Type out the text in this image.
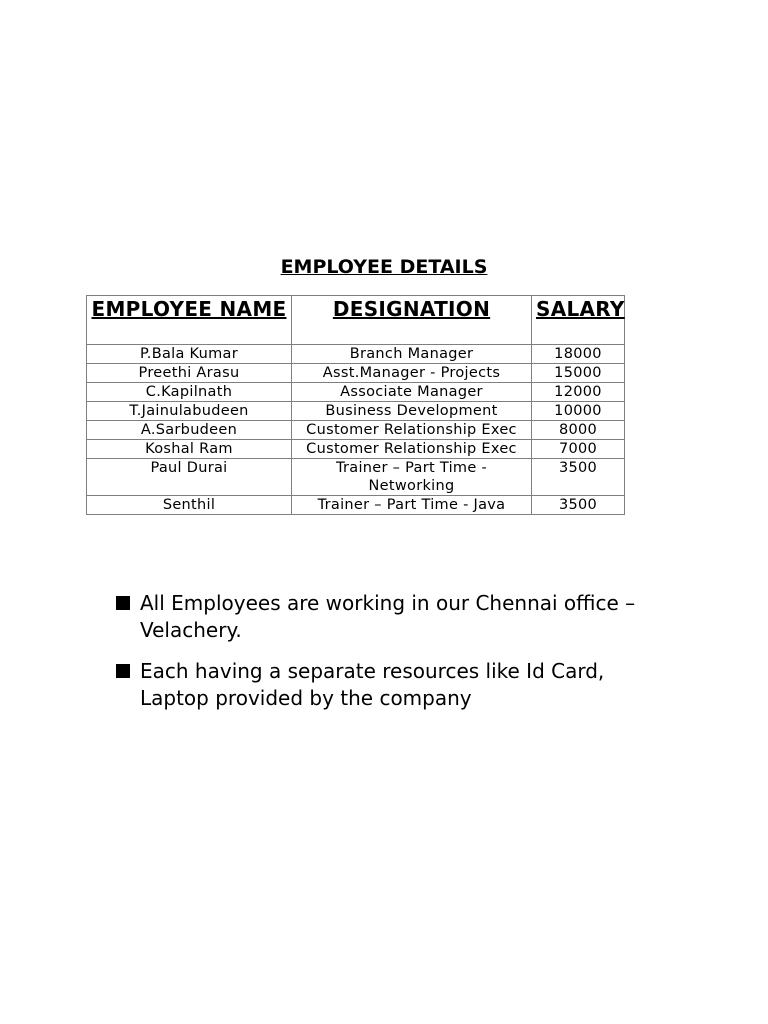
EMPLOYEE DETAILS
EMPLOYEE NAME	DESIGNATION	SALARY
P.Bala Kumar	Branch Manager	18000
Preethi Arasu	Asst.Manager - Projects	15000
C.Kapilnath	Associate Manager	12000
T.Jainulabudeen	Business Development	10000
A.Sarbudeen	Customer Relationship Exec	8000
Koshal Ram	Customer Relationship Exec	7000
Paul Durai	Trainer – Part Time - Networking	3500
Senthil	Trainer – Part Time - Java	3500
All Employees are working in our Chennai office – Velachery.
Each having a separate resources like Id Card, Laptop provided by the company
